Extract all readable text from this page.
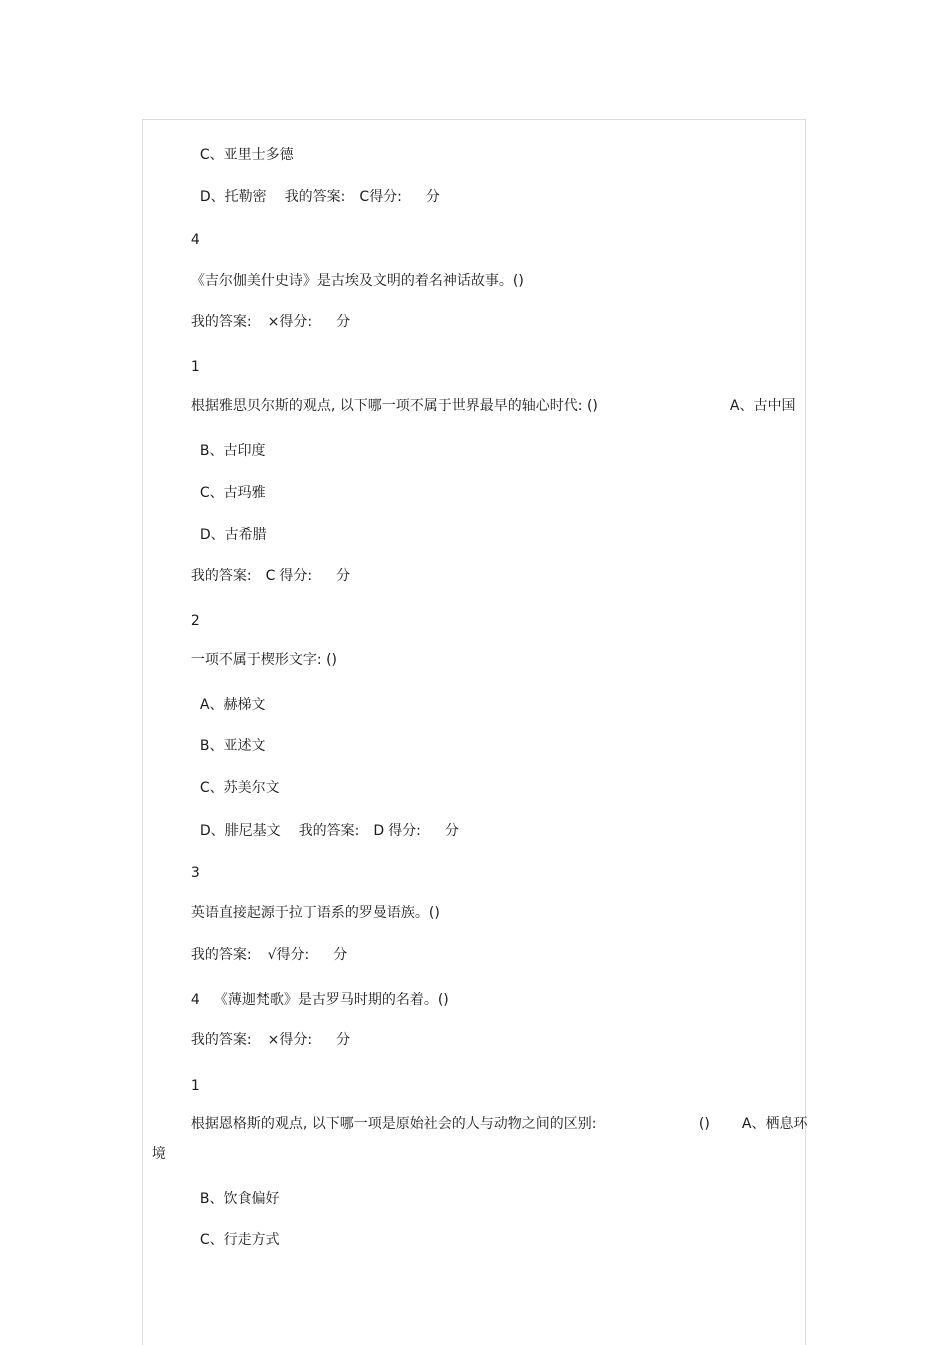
C、亚里士多德

D、托勒密 我的答案: C得分: 分

4

《吉尔伽美什史诗》是古埃及文明的着名神话故事。()

我的答案: ×得分: 分

1

根据雅思贝尔斯的观点, 以下哪一项不属于世界最早的轴心时代: ()	A、古中国

B、古印度

C、古玛雅

D、古希腊

我的答案: C 得分: 分

2

一项不属于楔形文字: ()

A、赫梯文

B、亚述文

C、苏美尔文

D、腓尼基文 我的答案: D 得分: 分

3

英语直接起源于拉丁语系的罗曼语族。()

我的答案: √得分: 分

4 《薄迦梵歌》是古罗马时期的名着。()

我的答案: ×得分: 分

1

根据恩格斯的观点, 以下哪一项是原始社会的人与动物之间的区别:	()	A、栖息环

境

B、饮食偏好

C、行走方式
